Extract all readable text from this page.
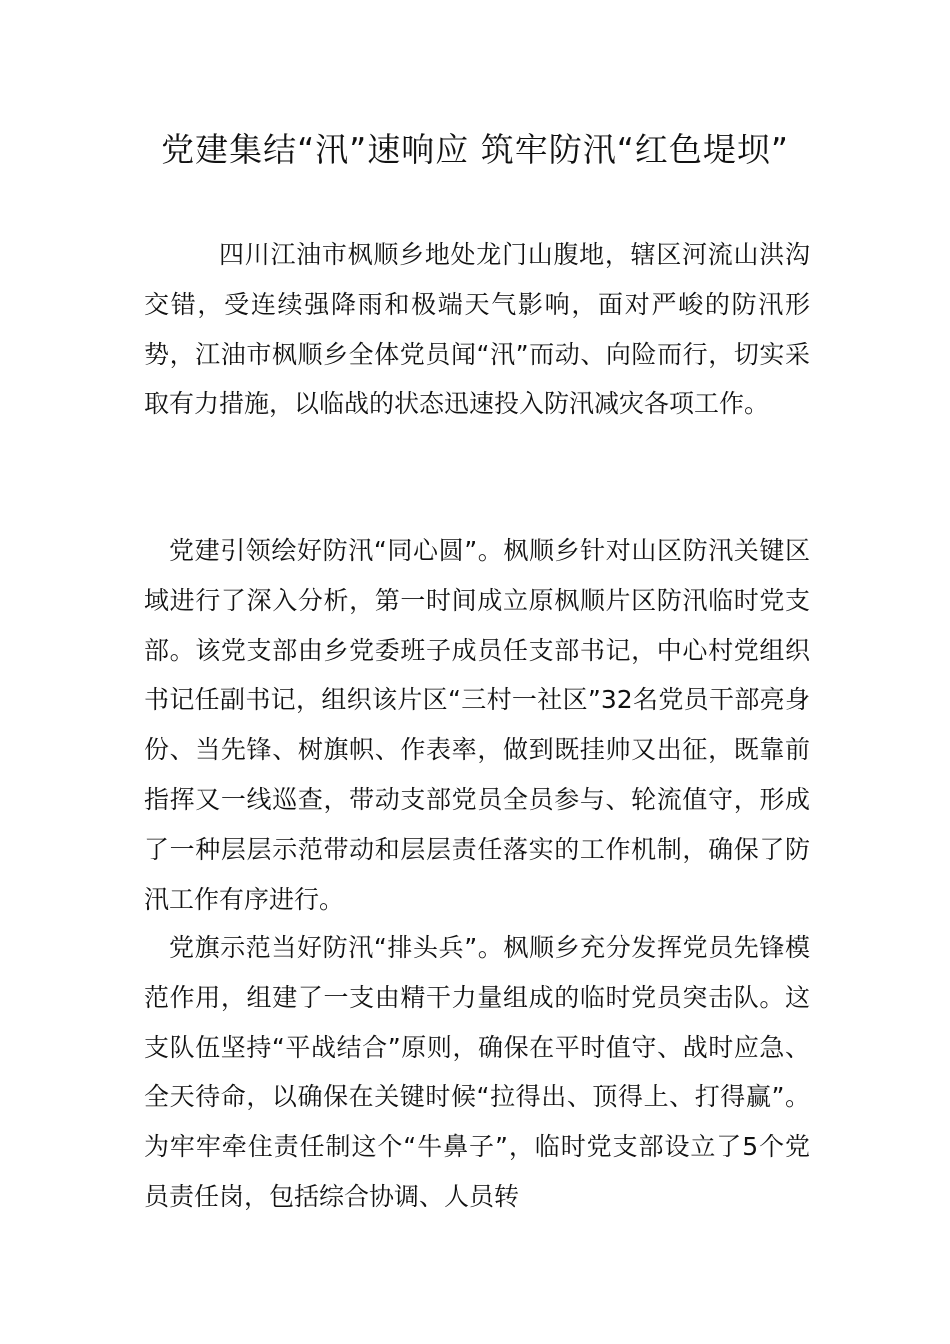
党建集结“汛”速响应 筑牢防汛“红色堤坝”

四川江油市枫顺乡地处龙门山腹地，辖区河流山洪沟交错，受连续强降雨和极端天气影响，面对严峻的防汛形势，江油市枫顺乡全体党员闻“汛”而动、向险而行，切实采取有力措施，以临战的状态迅速投入防汛减灾各项工作。

党建引领绘好防汛“同心圆”。枫顺乡针对山区防汛关键区域进行了深入分析，第一时间成立原枫顺片区防汛临时党支部。该党支部由乡党委班子成员任支部书记，中心村党组织书记任副书记，组织该片区“三村一社区”32名党员干部亮身份、当先锋、树旗帜、作表率，做到既挂帅又出征，既靠前指挥又一线巡查，带动支部党员全员参与、轮流值守，形成了一种层层示范带动和层层责任落实的工作机制，确保了防汛工作有序进行。

党旗示范当好防汛“排头兵”。枫顺乡充分发挥党员先锋模范作用，组建了一支由精干力量组成的临时党员突击队。这支队伍坚持“平战结合”原则，确保在平时值守、战时应急、全天待命，以确保在关键时候“拉得出、顶得上、打得赢”。为牢牢牵住责任制这个“牛鼻子”，临时党支部设立了5个党员责任岗，包括综合协调、人员转
